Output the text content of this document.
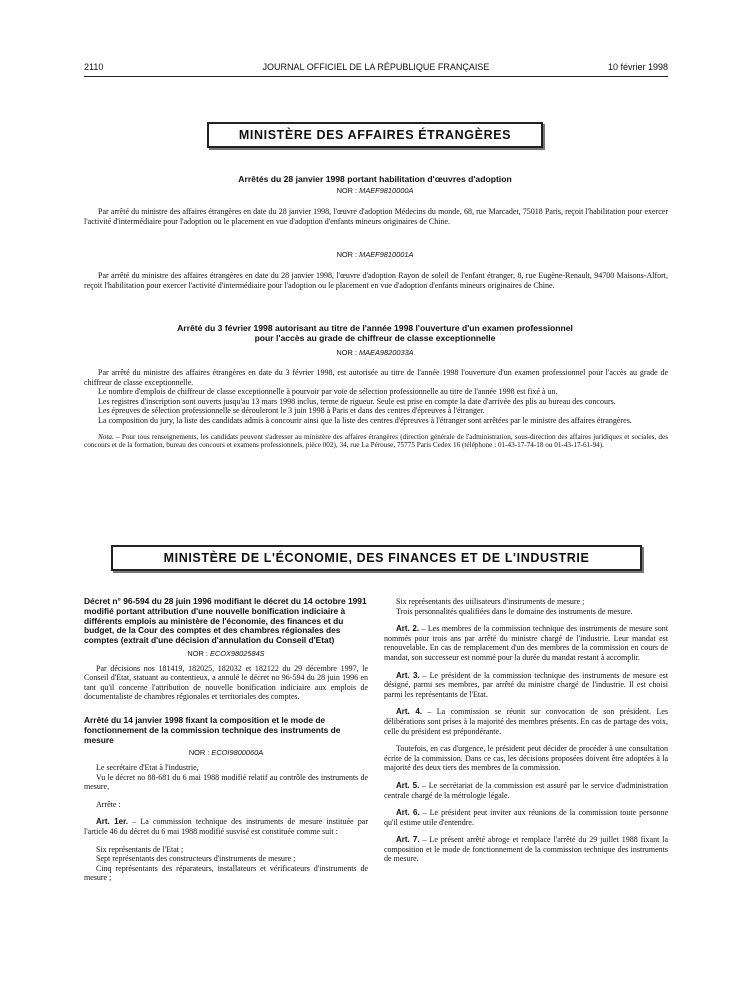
2110	JOURNAL OFFICIEL DE LA RÉPUBLIQUE FRANÇAISE	10 février 1998
MINISTÈRE DES AFFAIRES ÉTRANGÈRES
Arrêtés du 28 janvier 1998 portant habilitation d'œuvres d'adoption
NOR : MAEF9810000A

Par arrêté du ministre des affaires étrangères en date du 28 janvier 1998, l'œuvre d'adoption Médecins du monde, 68, rue Marcadet, 75018 Paris, reçoit l'habilitation pour exercer l'activité d'intermédiaire pour l'adoption ou le placement en vue d'adoption d'enfants mineurs originaires de Chine.

NOR : MAEF9810001A

Par arrêté du ministre des affaires étrangères en date du 28 janvier 1998, l'œuvre d'adoption Rayon de soleil de l'enfant étranger, 8, rue Eugène-Renault, 94700 Maisons-Alfort, reçoit l'habilitation pour exercer l'activité d'intermédiaire pour l'adoption ou le placement en vue d'adoption d'enfants mineurs originaires de Chine.

Arrêté du 3 février 1998 autorisant au titre de l'année 1998 l'ouverture d'un examen professionnel
pour l'accès au grade de chiffreur de classe exceptionnelle
NOR : MAEA9820033A

Par arrêté du ministre des affaires étrangères en date du 3 février 1998, est autorisée au titre de l'année 1998 l'ouverture d'un examen professionnel pour l'accès au grade de chiffreur de classe exceptionnelle.

Le nombre d'emplois de chiffreur de classe exceptionnelle à pourvoir par voie de sélection professionnelle au titre de l'année 1998 est fixé à un.

Les registres d'inscription sont ouverts jusqu'au 13 mars 1998 inclus, terme de rigueur. Seule est prise en compte la date d'arrivée des plis au bureau des concours.

Les épreuves de sélection professionnelle se dérouleront le 3 juin 1998 à Paris et dans des centres d'épreuves à l'étranger.

La composition du jury, la liste des candidats admis à concourir ainsi que la liste des centres d'épreuves à l'étranger sont arrêtées par le ministre des affaires étrangères.

Nota. – Pour tous renseignements, les candidats peuvent s'adresser au ministère des affaires étrangères (direction générale de l'administration, sous-direction des affaires juridiques et sociales, des concours et de la formation, bureau des concours et examens professionnels, pièce 002), 34, rue La Pérouse, 75775 Paris Cedex 16 (téléphone : 01-43-17-74-18 ou 01-43-17-61-94).

MINISTÈRE DE L'ÉCONOMIE, DES FINANCES ET DE L'INDUSTRIE
Décret n° 96-594 du 28 juin 1996 modifiant le décret du 14 octobre 1991 modifié portant attribution d'une nouvelle bonification indiciaire à différents emplois au ministère de l'économie, des finances et du budget, de la Cour des comptes et des chambres régionales des comptes (extrait d'une décision d'annulation du Conseil d'Etat)
NOR : ECOX9802584S

Par décisions nos 181419, 182025, 182032 et 182122 du 29 décembre 1997, le Conseil d'Etat, statuant au contentieux, a annulé le décret no 96-594 du 28 juin 1996 en tant qu'il concerne l'attribution de nouvelle bonification indiciaire aux emplois de documentaliste de chambres régionales et territoriales des comptes.

Arrêté du 14 janvier 1998 fixant la composition et le mode de fonctionnement de la commission technique des instruments de mesure
NOR : ECOI9800060A

Le secrétaire d'Etat à l'industrie,

Vu le décret no 88-681 du 6 mai 1988 modifié relatif au contrôle des instruments de mesure,

Arrête :

Art. 1er. – La commission technique des instruments de mesure instituée par l'article 46 du décret du 6 mai 1988 modifié susvisé est constituée comme suit :

Six représentants de l'Etat ;

Sept représentants des constructeurs d'instruments de mesure ;

Cinq représentants des réparateurs, installateurs et vérificateurs d'instruments de mesure ;

Six représentants des utilisateurs d'instruments de mesure ;

Trois personnalités qualifiées dans le domaine des instruments de mesure.

Art. 2. – Les membres de la commission technique des instruments de mesure sont nommés pour trois ans par arrêté du ministre chargé de l'industrie. Leur mandat est renouvelable. En cas de remplacement d'un des membres de la commission en cours de mandat, son successeur est nommé pour la durée du mandat restant à accomplir.

Art. 3. – Le président de la commission technique des instruments de mesure est désigné, parmi ses membres, par arrêté du ministre chargé de l'industrie. Il est choisi parmi les représentants de l'Etat.

Art. 4. – La commission se réunit sur convocation de son président. Les délibérations sont prises à la majorité des membres présents. En cas de partage des voix, celle du président est prépondérante.

Toutefois, en cas d'urgence, le président peut décider de procéder à une consultation écrite de la commission. Dans ce cas, les décisions proposées doivent être adoptées à la majorité des deux tiers des membres de la commission.

Art. 5. – Le secrétariat de la commission est assuré par le service d'administration centrale chargé de la métrologie légale.

Art. 6. – Le président peut inviter aux réunions de la commission toute personne qu'il estime utile d'entendre.

Art. 7. – Le présent arrêté abroge et remplace l'arrêté du 29 juillet 1988 fixant la composition et le mode de fonctionnement de la commission technique des instruments de mesure.
